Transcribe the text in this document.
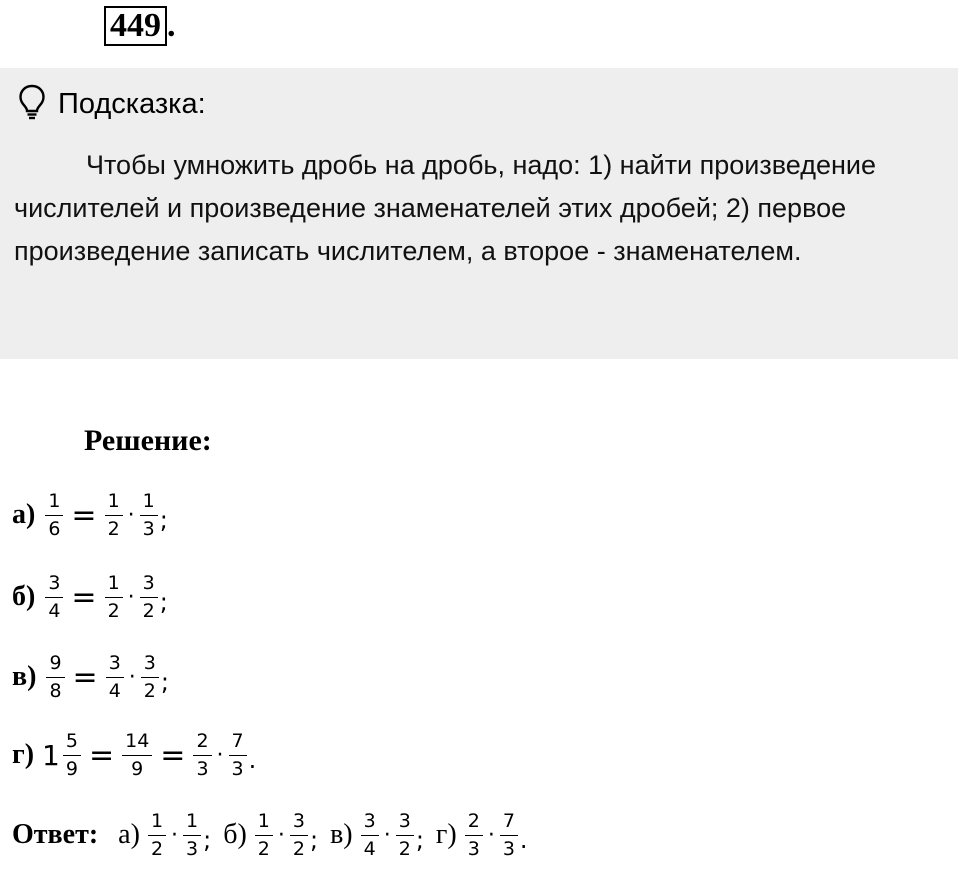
449 .
Подсказка:
Чтобы умножить дробь на дробь, надо: 1) найти произведение числителей и произведение знаменателей этих дробей; 2) первое произведение записать числителем, а второе - знаменателем.
Решение:
$а) \frac{1}{6} = \frac{1}{2} \cdot \frac{1}{3}$ ;
$б) \frac{3}{4} = \frac{1}{2} \cdot \frac{3}{2}$ ;
$в) \frac{9}{8} = \frac{3}{4} \cdot \frac{3}{2}$ ;
г) $1 \frac{5}{9} = \frac{14}{9} = \frac{2}{3} \cdot \frac{7}{3}$ .
Ответ: $а) \frac{1}{2} \cdot \frac{1}{3}$ ; $б) \frac{1}{2} \cdot \frac{3}{2}$ ; $в) \frac{3}{4} \cdot \frac{3}{2}$ ; $г) \frac{2}{3} \cdot \frac{7}{3}$ .
